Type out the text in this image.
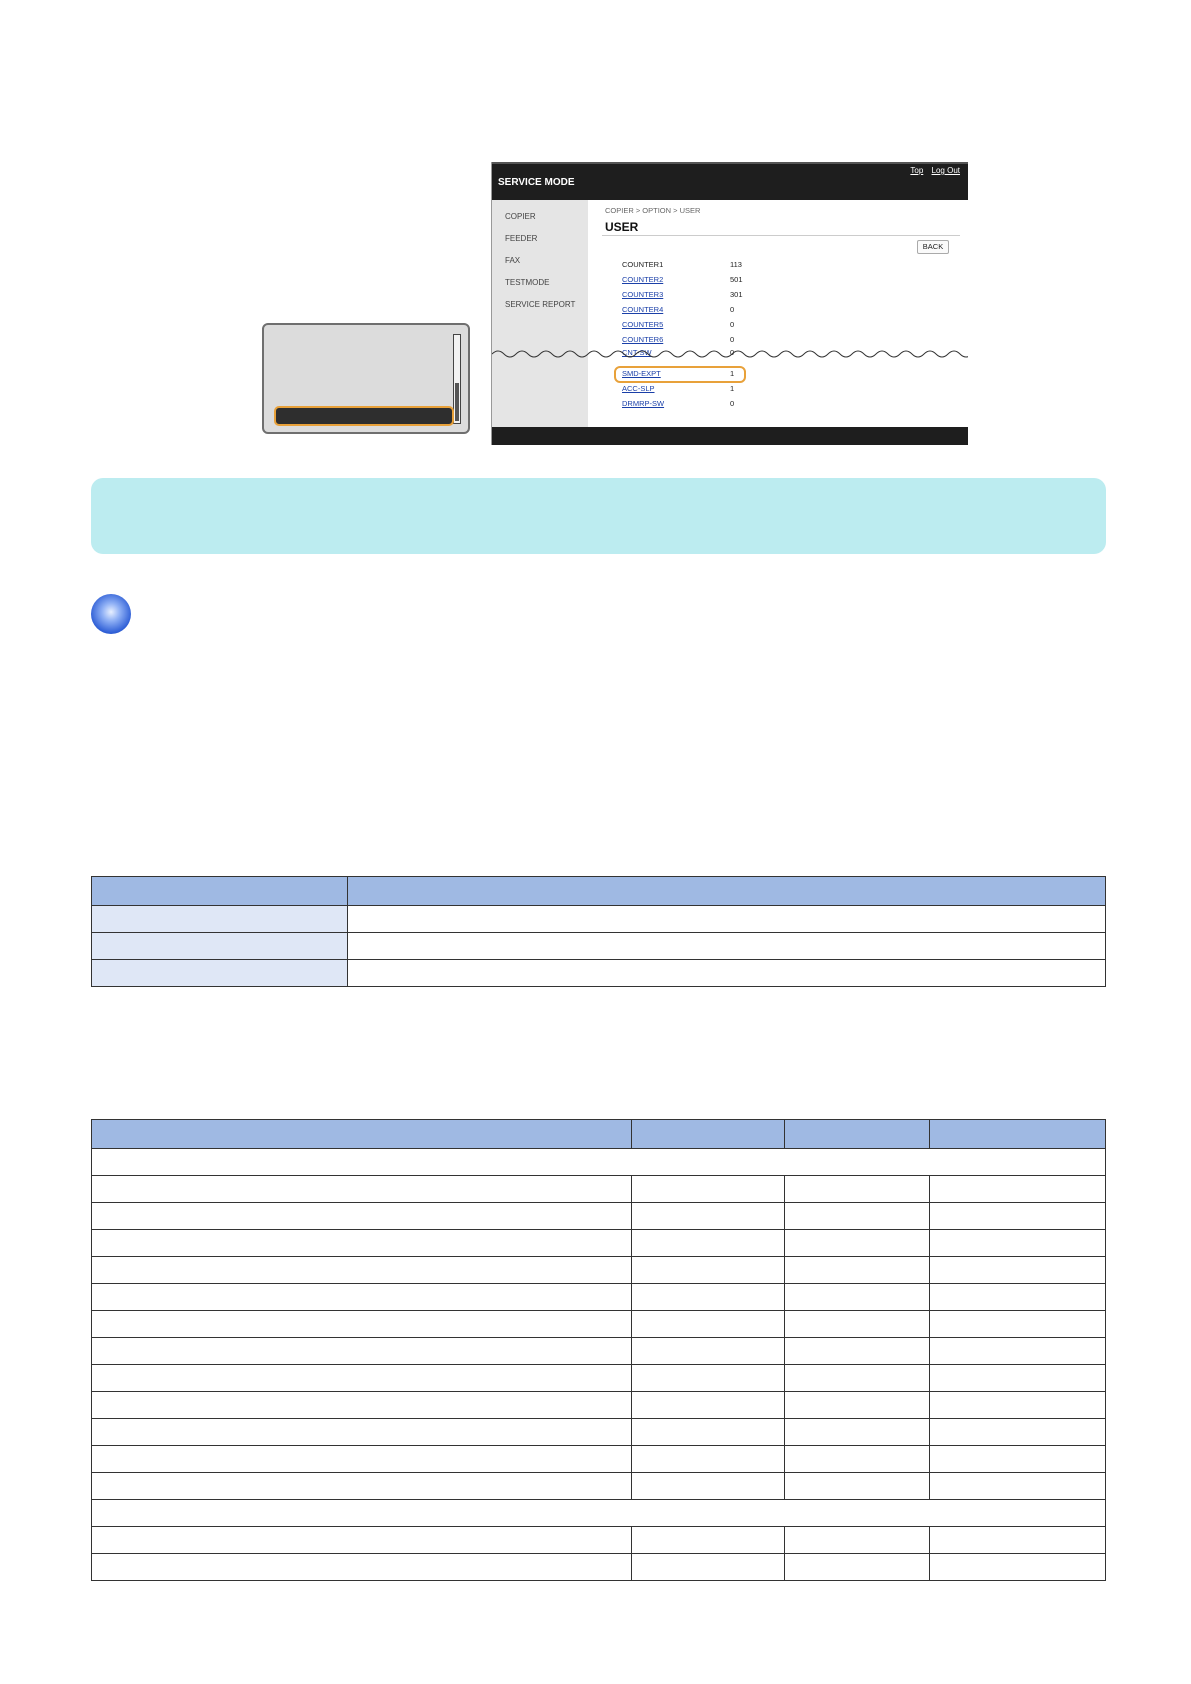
SERVICE MODE
Top Log Out
COPIER
FEEDER
FAX
TESTMODE
SERVICE REPORT
COPIER > OPTION > USER
USER
BACK
COUNTER1	113
COUNTER2	501
COUNTER3	301
COUNTER4	0
COUNTER5	0
COUNTER6	0
CNT-SW	0
SMD-EXPT	1
ACC-SLP	1
DRMRP-SW	0
